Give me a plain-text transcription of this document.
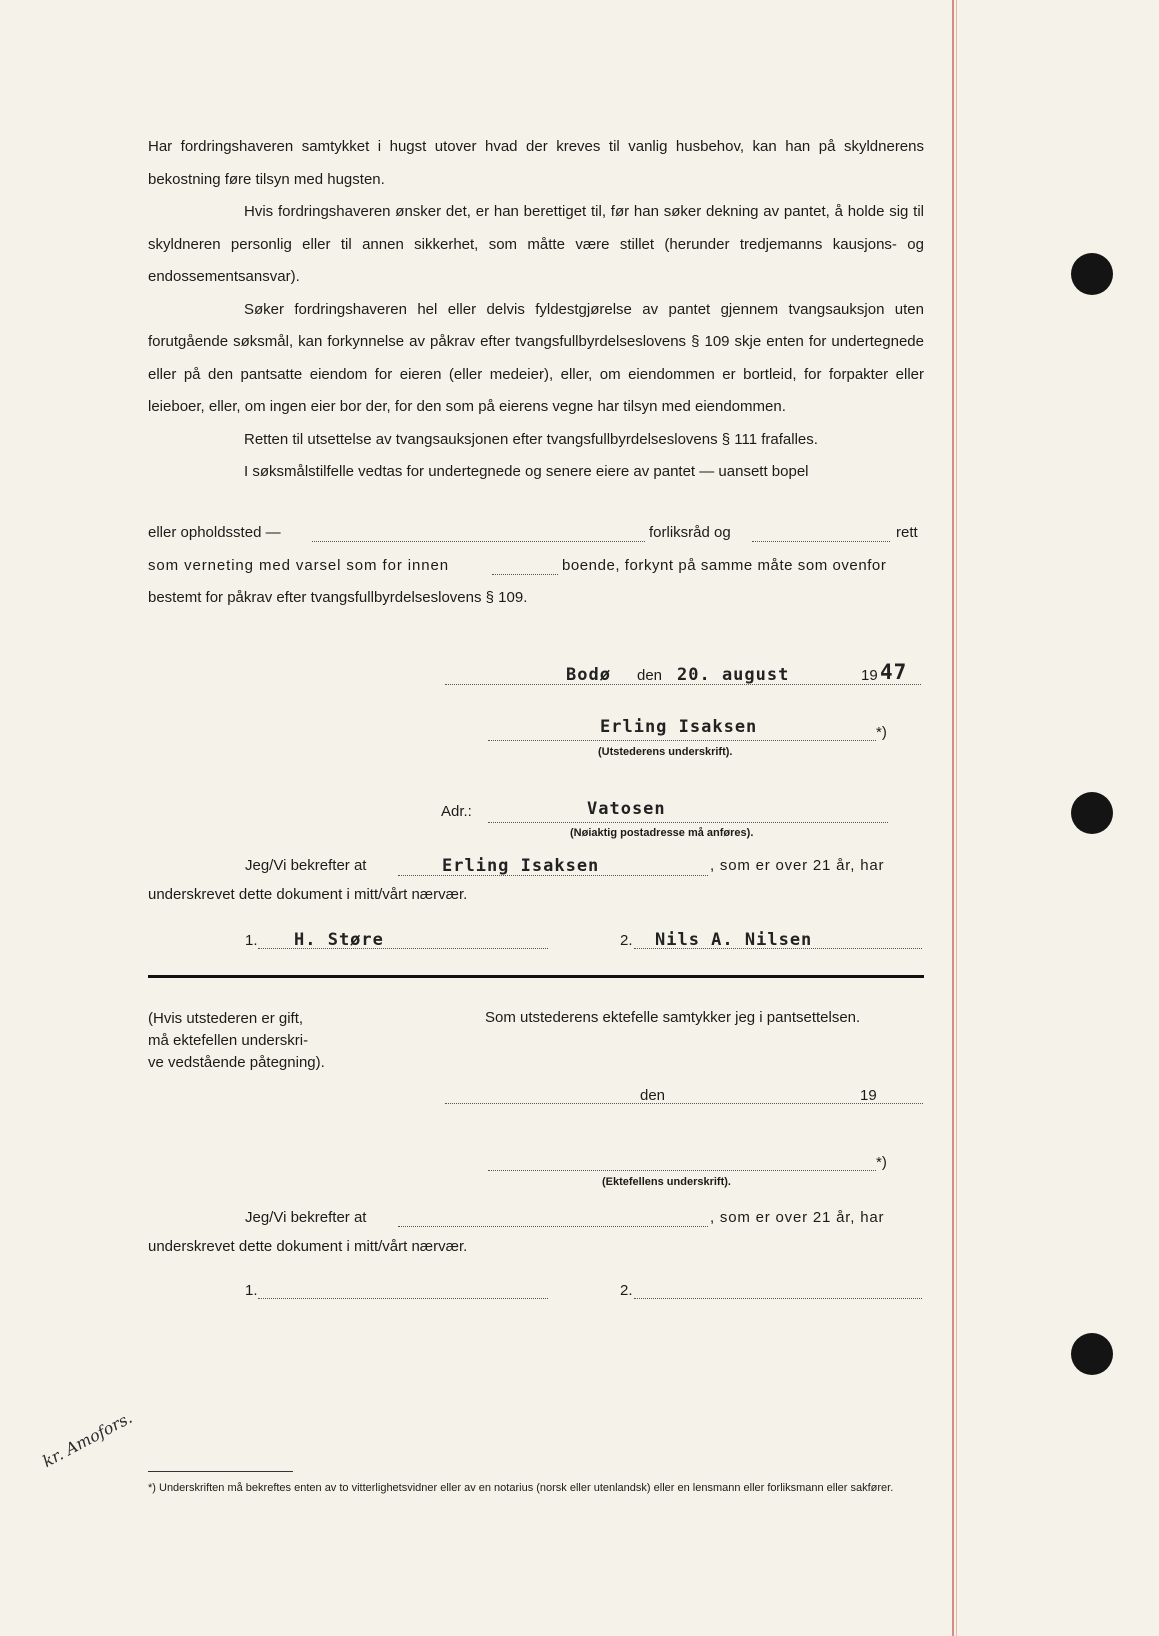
Har fordringshaveren samtykket i hugst utover hvad der kreves til vanlig husbehov, kan han på skyldnerens bekostning føre tilsyn med hugsten.

Hvis fordringshaveren ønsker det, er han berettiget til, før han søker dekning av pantet, å holde sig til skyldneren personlig eller til annen sikkerhet, som måtte være stillet (herunder tredjemanns kausjons- og endossementsansvar).

Søker fordringshaveren hel eller delvis fyldestgjørelse av pantet gjennem tvangsauksjon uten forutgående søksmål, kan forkynnelse av påkrav efter tvangsfullbyrdelseslovens § 109 skje enten for undertegnede eller på den pantsatte eiendom for eieren (eller medeier), eller, om eiendommen er bortleid, for forpakter eller leieboer, eller, om ingen eier bor der, for den som på eierens vegne har tilsyn med eiendommen.

Retten til utsettelse av tvangsauksjonen efter tvangsfullbyrdelseslovens § 111 frafalles.

I søksmålstilfelle vedtas for undertegnede og senere eiere av pantet — uansett bopel

eller opholdssted —	forliksråd og	rett
som verneting med varsel som for innen	boende, forkynt på samme måte som ovenfor
bestemt for påkrav efter tvangsfullbyrdelseslovens § 109.
Bodø den 20. august	19 47
Erling Isaksen	*)
(Utstederens underskrift).
Adr.:	Vatosen
(Nøiaktig postadresse må anføres).
Jeg/Vi bekrefter at	Erling Isaksen	, som er over 21 år, har
underskrevet dette dokument i mitt/vårt nærvær.
1. H. Støre	2. Nils A. Nilsen
(Hvis utstederen er gift,
må ektefellen underskri-
ve vedstående påtegning).
Som utstederens ektefelle samtykker jeg i pantsettelsen.
den	19
*)
(Ektefellens underskrift).
Jeg/Vi bekrefter at	, som er over 21 år, har
underskrevet dette dokument i mitt/vårt nærvær.
1.	2.
kr. Amofors.
*) Underskriften må bekreftes enten av to vitterlighetsvidner eller av en notarius (norsk eller utenlandsk) eller en lensmann eller forliksmann eller sakfører.
